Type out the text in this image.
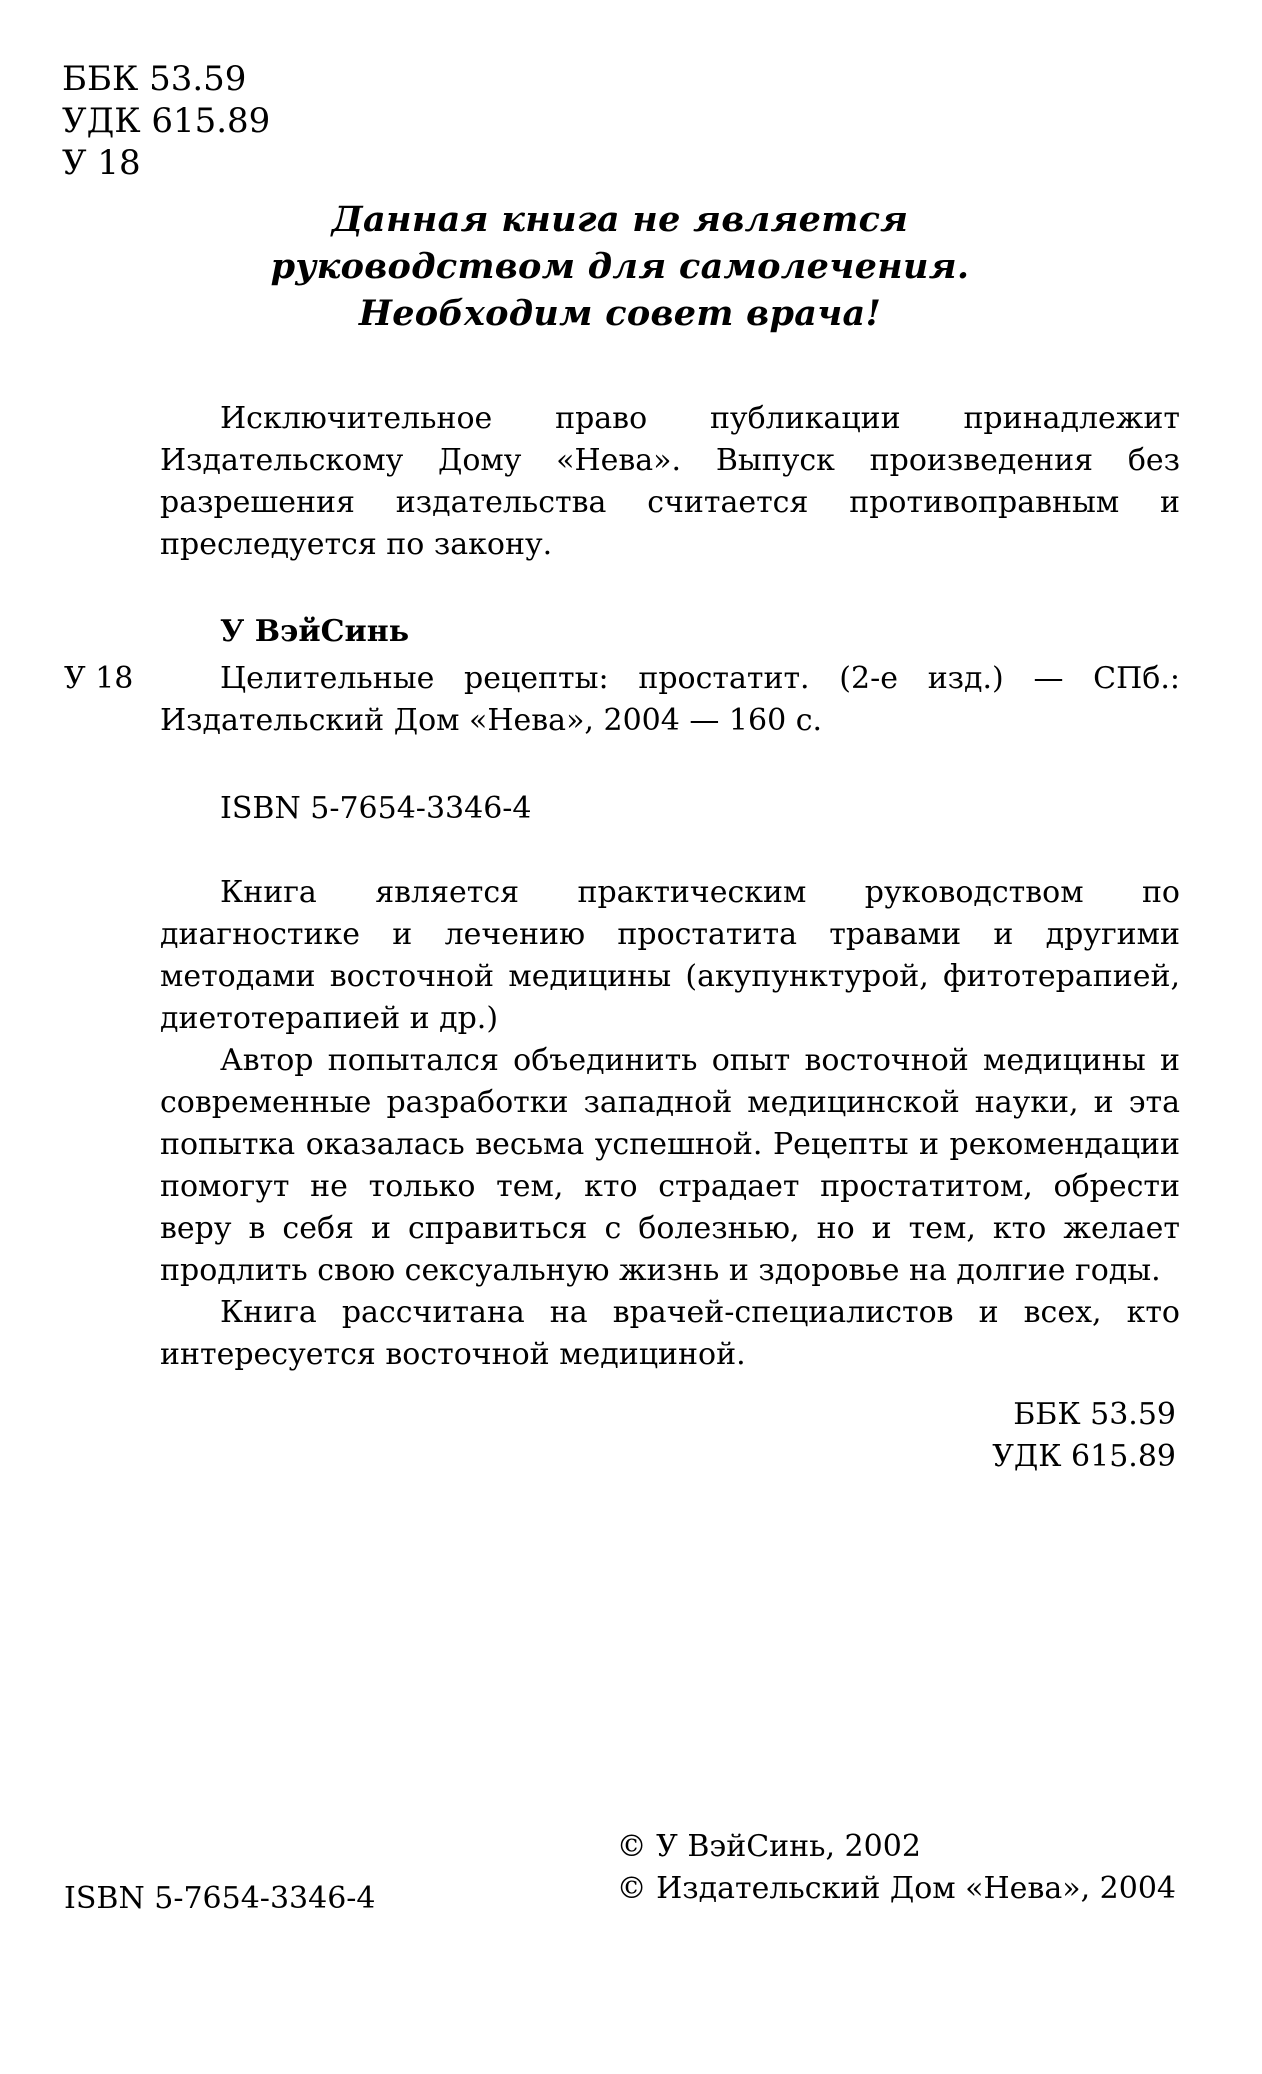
ББК 53.59
УДК 615.89
У 18
Данная книга не является
руководством для самолечения.
Необходим совет врача!
Исключительное право публикации принадлежит Издательскому Дому «Нева». Выпуск произведения без разрешения издательства считается противоправным и преследуется по закону.
У ВэйСинь
У 18	Целительные рецепты: простатит. (2-е изд.) — СПб.: Издательский Дом «Нева», 2004 — 160 с.
ISBN 5-7654-3346-4

Книга является практическим руководством по диагностике и лечению простатита травами и другими методами восточной медицины (акупунктурой, фитотерапией, диетотерапией и др.)

Автор попытался объединить опыт восточной медицины и современные разработки западной медицинской науки, и эта попытка оказалась весьма успешной. Рецепты и рекомендации помогут не только тем, кто страдает простатитом, обрести веру в себя и справиться с болезнью, но и тем, кто желает продлить свою сексуальную жизнь и здоровье на долгие годы.

Книга рассчитана на врачей-специалистов и всех, кто интересуется восточной медициной.

ББК 53.59
УДК 615.89
© У ВэйСинь, 2002
© Издательский Дом «Нева», 2004
ISBN 5-7654-3346-4
